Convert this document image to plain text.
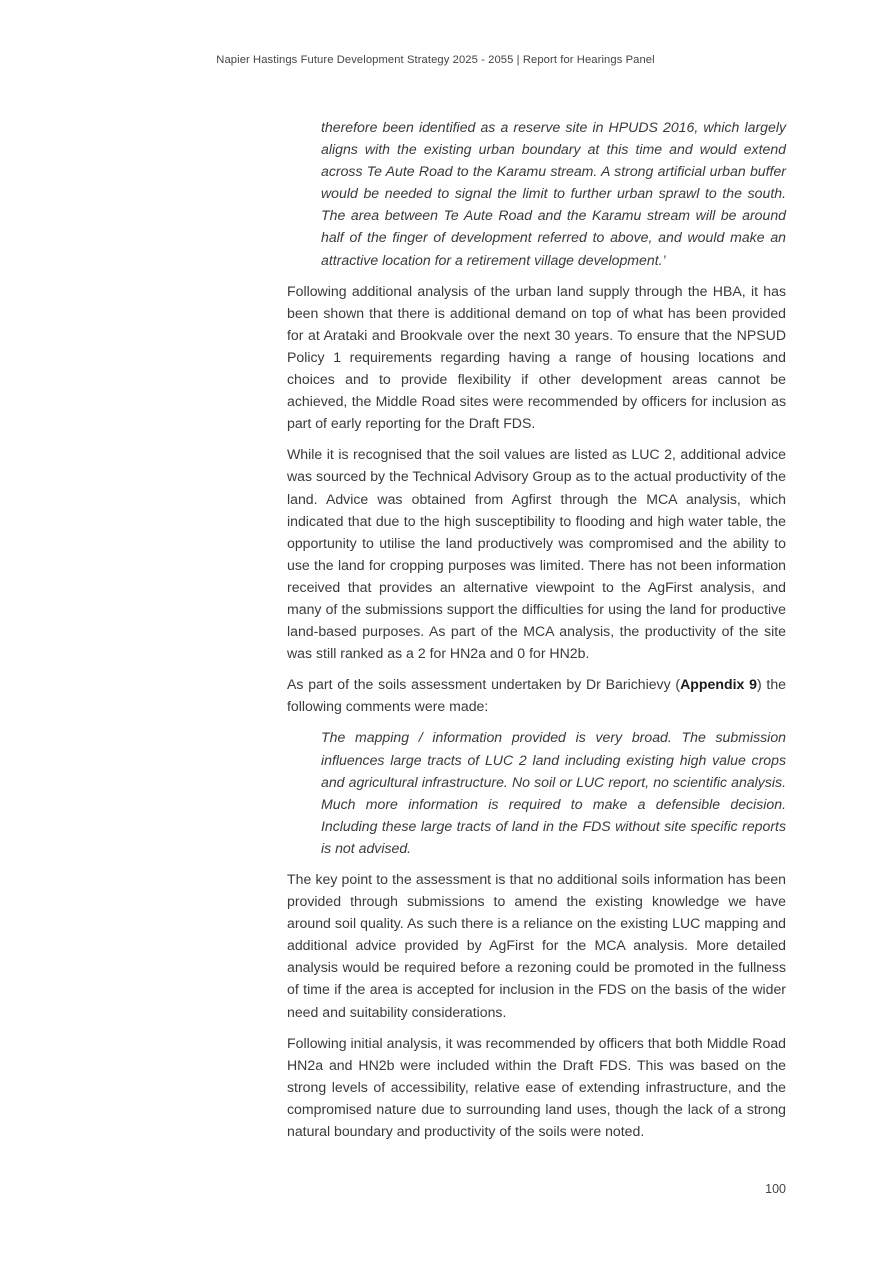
Napier Hastings Future Development Strategy 2025 - 2055 | Report for Hearings Panel
therefore been identified as a reserve site in HPUDS 2016, which largely aligns with the existing urban boundary at this time and would extend across Te Aute Road to the Karamu stream. A strong artificial urban buffer would be needed to signal the limit to further urban sprawl to the south. The area between Te Aute Road and the Karamu stream will be around half of the finger of development referred to above, and would make an attractive location for a retirement village development.’

Following additional analysis of the urban land supply through the HBA, it has been shown that there is additional demand on top of what has been provided for at Arataki and Brookvale over the next 30 years. To ensure that the NPSUD Policy 1 requirements regarding having a range of housing locations and choices and to provide flexibility if other development areas cannot be achieved, the Middle Road sites were recommended by officers for inclusion as part of early reporting for the Draft FDS.

While it is recognised that the soil values are listed as LUC 2, additional advice was sourced by the Technical Advisory Group as to the actual productivity of the land. Advice was obtained from Agfirst through the MCA analysis, which indicated that due to the high susceptibility to flooding and high water table, the opportunity to utilise the land productively was compromised and the ability to use the land for cropping purposes was limited. There has not been information received that provides an alternative viewpoint to the AgFirst analysis, and many of the submissions support the difficulties for using the land for productive land-based purposes. As part of the MCA analysis, the productivity of the site was still ranked as a 2 for HN2a and 0 for HN2b.

As part of the soils assessment undertaken by Dr Barichievy (Appendix 9) the following comments were made:

The mapping / information provided is very broad. The submission influences large tracts of LUC 2 land including existing high value crops and agricultural infrastructure. No soil or LUC report, no scientific analysis. Much more information is required to make a defensible decision. Including these large tracts of land in the FDS without site specific reports is not advised.

The key point to the assessment is that no additional soils information has been provided through submissions to amend the existing knowledge we have around soil quality. As such there is a reliance on the existing LUC mapping and additional advice provided by AgFirst for the MCA analysis. More detailed analysis would be required before a rezoning could be promoted in the fullness of time if the area is accepted for inclusion in the FDS on the basis of the wider need and suitability considerations.

Following initial analysis, it was recommended by officers that both Middle Road HN2a and HN2b were included within the Draft FDS. This was based on the strong levels of accessibility, relative ease of extending infrastructure, and the compromised nature due to surrounding land uses, though the lack of a strong natural boundary and productivity of the soils were noted.

100
